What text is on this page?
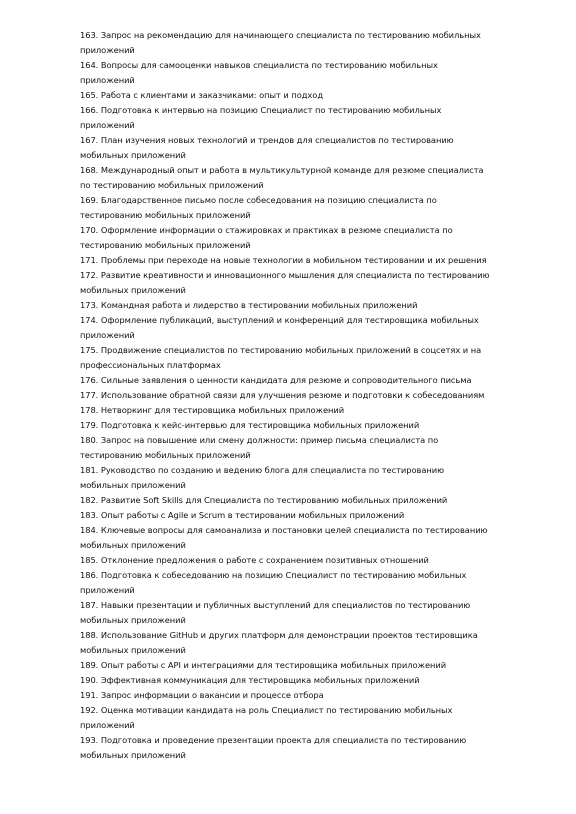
163. Запрос на рекомендацию для начинающего специалиста по тестированию мобильных приложений
164. Вопросы для самооценки навыков специалиста по тестированию мобильных приложений
165. Работа с клиентами и заказчиками: опыт и подход
166. Подготовка к интервью на позицию Специалист по тестированию мобильных приложений
167. План изучения новых технологий и трендов для специалистов по тестированию мобильных приложений
168. Международный опыт и работа в мультикультурной команде для резюме специалиста по тестированию мобильных приложений
169. Благодарственное письмо после собеседования на позицию специалиста по тестированию мобильных приложений
170. Оформление информации о стажировках и практиках в резюме специалиста по тестированию мобильных приложений
171. Проблемы при переходе на новые технологии в мобильном тестировании и их решения
172. Развитие креативности и инновационного мышления для специалиста по тестированию мобильных приложений
173. Командная работа и лидерство в тестировании мобильных приложений
174. Оформление публикаций, выступлений и конференций для тестировщика мобильных приложений
175. Продвижение специалистов по тестированию мобильных приложений в соцсетях и на профессиональных платформах
176. Сильные заявления о ценности кандидата для резюме и сопроводительного письма
177. Использование обратной связи для улучшения резюме и подготовки к собеседованиям
178. Нетворкинг для тестировщика мобильных приложений
179. Подготовка к кейс-интервью для тестировщика мобильных приложений
180. Запрос на повышение или смену должности: пример письма специалиста по тестированию мобильных приложений
181. Руководство по созданию и ведению блога для специалиста по тестированию мобильных приложений
182. Развитие Soft Skills для Специалиста по тестированию мобильных приложений
183. Опыт работы с Agile и Scrum в тестировании мобильных приложений
184. Ключевые вопросы для самоанализа и постановки целей специалиста по тестированию мобильных приложений
185. Отклонение предложения о работе с сохранением позитивных отношений
186. Подготовка к собеседованию на позицию Специалист по тестированию мобильных приложений
187. Навыки презентации и публичных выступлений для специалистов по тестированию мобильных приложений
188. Использование GitHub и других платформ для демонстрации проектов тестировщика мобильных приложений
189. Опыт работы с API и интеграциями для тестировщика мобильных приложений
190. Эффективная коммуникация для тестировщика мобильных приложений
191. Запрос информации о вакансии и процессе отбора
192. Оценка мотивации кандидата на роль Специалист по тестированию мобильных приложений
193. Подготовка и проведение презентации проекта для специалиста по тестированию мобильных приложений
